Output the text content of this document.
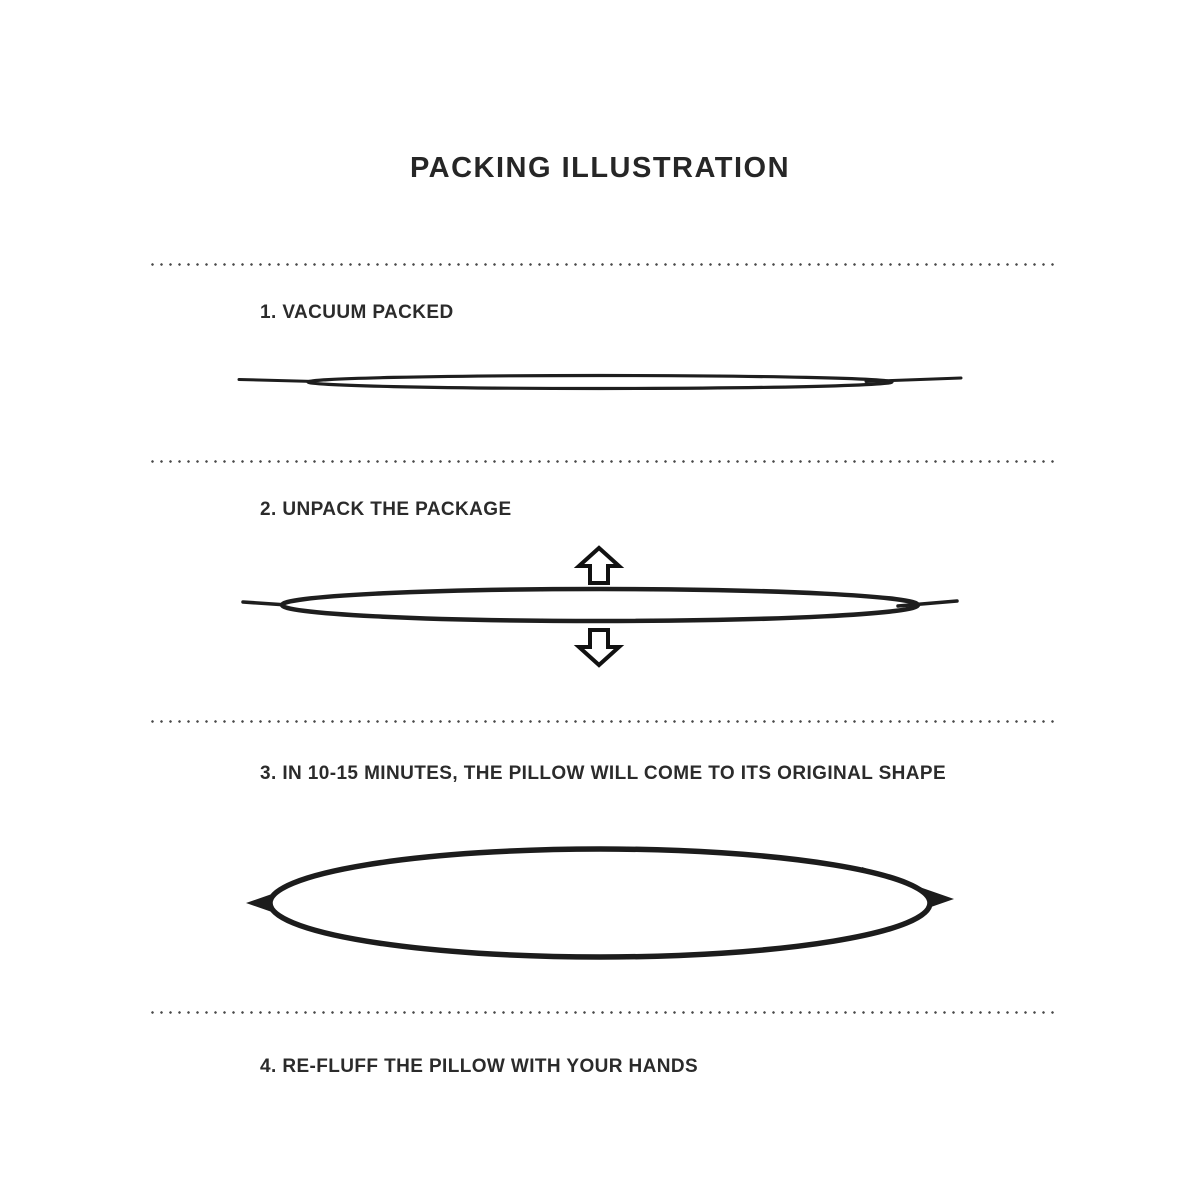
PACKING ILLUSTRATION
1. VACUUM PACKED
2. UNPACK THE PACKAGE
3. IN 10-15 MINUTES, THE PILLOW WILL COME TO ITS ORIGINAL SHAPE
4. RE-FLUFF THE PILLOW WITH YOUR HANDS
